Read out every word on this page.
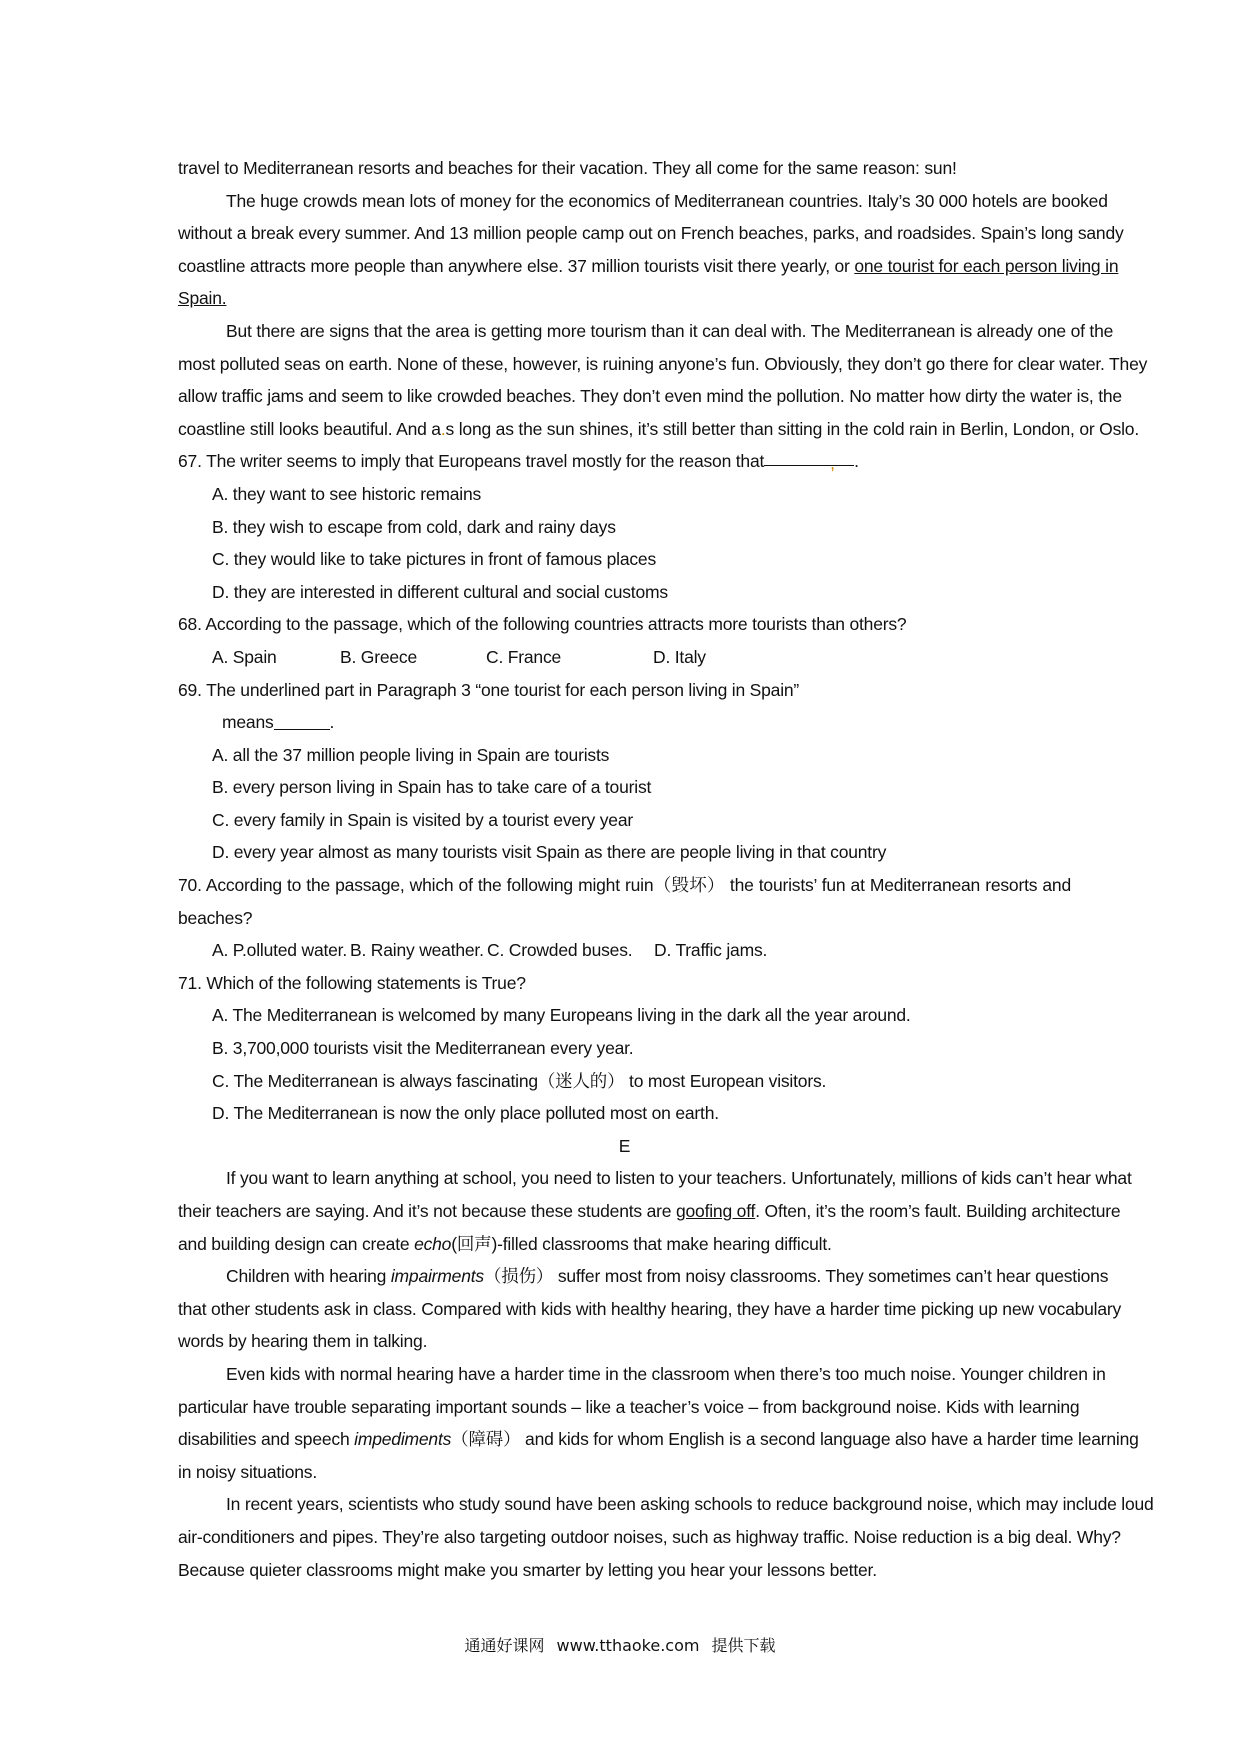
travel to Mediterranean resorts and beaches for their vacation. They all come for the same reason: sun!
The huge crowds mean lots of money for the economics of Mediterranean countries. Italy’s 30 000 hotels are booked
without a break every summer. And 13 million people camp out on French beaches, parks, and roadsides. Spain’s long sandy
coastline attracts more people than anywhere else. 37 million tourists visit there yearly, or one tourist for each person living in
Spain.
But there are signs that the area is getting more tourism than it can deal with. The Mediterranean is already one of the
most polluted seas on earth. None of these, however, is ruining anyone’s fun. Obviously, they don’t go there for clear water. They
allow traffic jams and seem to like crowded beaches. They don’t even mind the pollution. No matter how dirty the water is, the
coastline still looks beautiful. And a.s long as the sun shines, it’s still better than sitting in the cold rain in Berlin, London, or Oslo.
67. The writer seems to imply that Europeans travel mostly for the reason that	, .
A. they want to see historic remains
B. they wish to escape from cold, dark and rainy days
C. they would like to take pictures in front of famous places
D. they are interested in different cultural and social customs
68. According to the passage, which of the following countries attracts more tourists than others?
A. Spain	B. Greece	C. France	D. Italy
69. The underlined part in Paragraph 3 “one tourist for each person living in Spain”
means	.
A. all the 37 million people living in Spain are tourists
B. every person living in Spain has to take care of a tourist
C. every family in Spain is visited by a tourist every year
D. every year almost as many tourists visit Spain as there are people living in that country
70. According to the passage, which of the following might ruin（毁坏） the tourists’ fun at Mediterranean resorts and
beaches?
A. P.olluted water. B. Rainy weather. C. Crowded buses. D. Traffic jams.
71. Which of the following statements is True?
A. The Mediterranean is welcomed by many Europeans living in the dark all the year around.
B. 3,700,000 tourists visit the Mediterranean every year.
C. The Mediterranean is always fascinating（迷人的） to most European visitors.
D. The Mediterranean is now the only place polluted most on earth.
E
If you want to learn anything at school, you need to listen to your teachers. Unfortunately, millions of kids can’t hear what
their teachers are saying. And it’s not because these students are goofing off. Often, it’s the room’s fault. Building architecture
and building design can create echo(回声)-filled classrooms that make hearing difficult.
Children with hearing impairments（损伤） suffer most from noisy classrooms. They sometimes can’t hear questions
that other students ask in class. Compared with kids with healthy hearing, they have a harder time picking up new vocabulary
words by hearing them in talking.
Even kids with normal hearing have a harder time in the classroom when there’s too much noise. Younger children in
particular have trouble separating important sounds – like a teacher’s voice – from background noise. Kids with learning
disabilities and speech impediments（障碍） and kids for whom English is a second language also have a harder time learning
in noisy situations.
In recent years, scientists who study sound have been asking schools to reduce background noise, which may include loud
air-conditioners and pipes. They’re also targeting outdoor noises, such as highway traffic. Noise reduction is a big deal. Why?
Because quieter classrooms might make you smarter by letting you hear your lessons better.
通通好课网 www.tthaoke.com 提供下载
